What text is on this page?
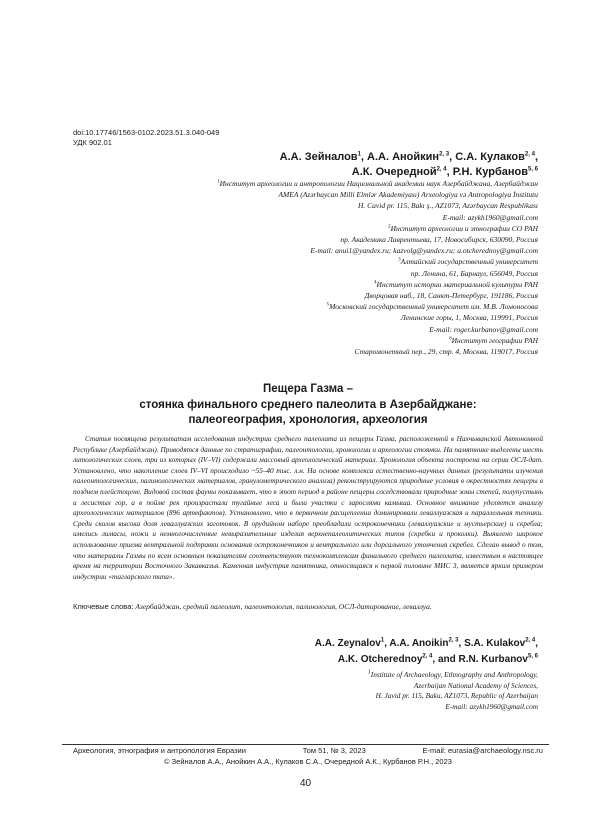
doi:10.17746/1563-0102.2023.51.3.040-049
УДК 902.01
А.А. Зейналов$^1$, А.А. Анойкин$^{2, 3}$, С.А. Кулаков$^{2, 4}$,
А.К. Очередной$^{2, 4}$, Р.Н. Курбанов$^{5, 6}$
$^1$Институт археологии и антропологии Национальной академии наук Азербайджана, Азербайджан
AMEA (Azərbaycan Milli Elmlər Akademiyası) Arxeologiya və Antropologiya İnstitutu
H. Cavid pr. 115, Bakı ş., AZ1073, Azərbaycan Respublikası
E-mail: azykh1960@gmail.com
$^2$Институт археологии и этнографии СО РАН
пр. Академика Лаврентьева, 17, Новосибирск, 630090, Россия
E-mail: anui1@yandex.ru; kazvolg@yandex.ru; a.otcherednoy@gmail.com
$^3$Алтайский государственный университет
пр. Ленина, 61, Барнаул, 656049, Россия
$^4$Институт истории материальной культуры РАН
Дворцовая наб., 18, Санкт-Петербург, 191186, Россия
$^5$Московский государственный университет им. М.В. Ломоносова
Ленинские горы, 1, Москва, 119991, Россия
E-mail: roger.kurbanov@gmail.com
$^6$Институт географии РАН
Старомонетный пер., 29, стр. 4, Москва, 119017, Россия
Пещера Газма –
стоянка финального среднего палеолита в Азербайджане:
палеогеография, хронология, археология

Статья посвящена результатам исследования индустрии среднего палеолита из пещеры Газма, расположенной в Нахчыванской Автономной Республике (Азербайджан). Приводятся данные по стратиграфии, палеонтологии, хронологии и археологии стоянки. На памятнике выделены шесть литологических слоев, три из которых (IV–VI) содержали массовый археологический материал. Хронология объекта построена на серии ОСЛ-дат. Установлено, что накопление слоев IV–VI происходило ~55–40 тыс. л.н. На основе комплекса естественно-научных данных (результаты изучения палеонтологических, палинологических материалов, гранулометрического анализа) реконструируются природные условия в окрестностях пещеры в позднем плейстоцене. Видовой состав фауны показывает, что в этот период в районе пещеры соседствовали природные зоны степей, полупустынь и лесистых гор, а в пойме рек произрастали тугайные леса и были участки с зарослями камыша. Основное внимание уделяется анализу археологических материалов (896 артефактов). Установлено, что в первичном расщеплении доминировали леваллуазская и параллельная техники. Среди сколов высока доля леваллуазских заготовок. В орудийном наборе преобладали остроконечники (леваллуазские и мустьерские) и скребла; имелись лимасы, ножи и немногочисленные невыразительные изделия верхнепалеолитических типов (скребки и проколки). Выявлено широкое использование приема вентральной подправки основания остроконечников и вентрального или дорсального утончения скребел. Сделан вывод о том, что материалы Газмы по всем основным показателям соответствуют технокомплексам финального среднего палеолита, известным в настоящее время на территории Восточного Закавказья. Каменная индустрия памятника, относящаяся к первой половине МИС 3, является ярким примером индустрии «тагларского типа».

Ключевые слова: Азербайджан, средний палеолит, палеонтология, палинология, ОСЛ-датирование, леваллуа.
A.A. Zeynalov$^1$, A.A. Anoikin$^{2, 3}$, S.A. Kulakov$^{2, 4}$,
A.K. Otcherednoy$^{2, 4}$, and R.N. Kurbanov$^{5, 6}$
$^1$Institute of Archaeology, Ethnography and Anthropology,
Azerbaijan National Academy of Sciences,
H. Javid pr. 115, Baku, AZ1073, Republic of Azerbaijan
E-mail: azykh1960@gmail.com
Археология, этнография и антропология Евразии	Том 51, № 3, 2023	E-mail: eurasia@archaeology.nsc.ru
© Зейналов А.А., Анойкин А.А., Кулаков С.А., Очередной А.К., Курбанов Р.Н., 2023
40
